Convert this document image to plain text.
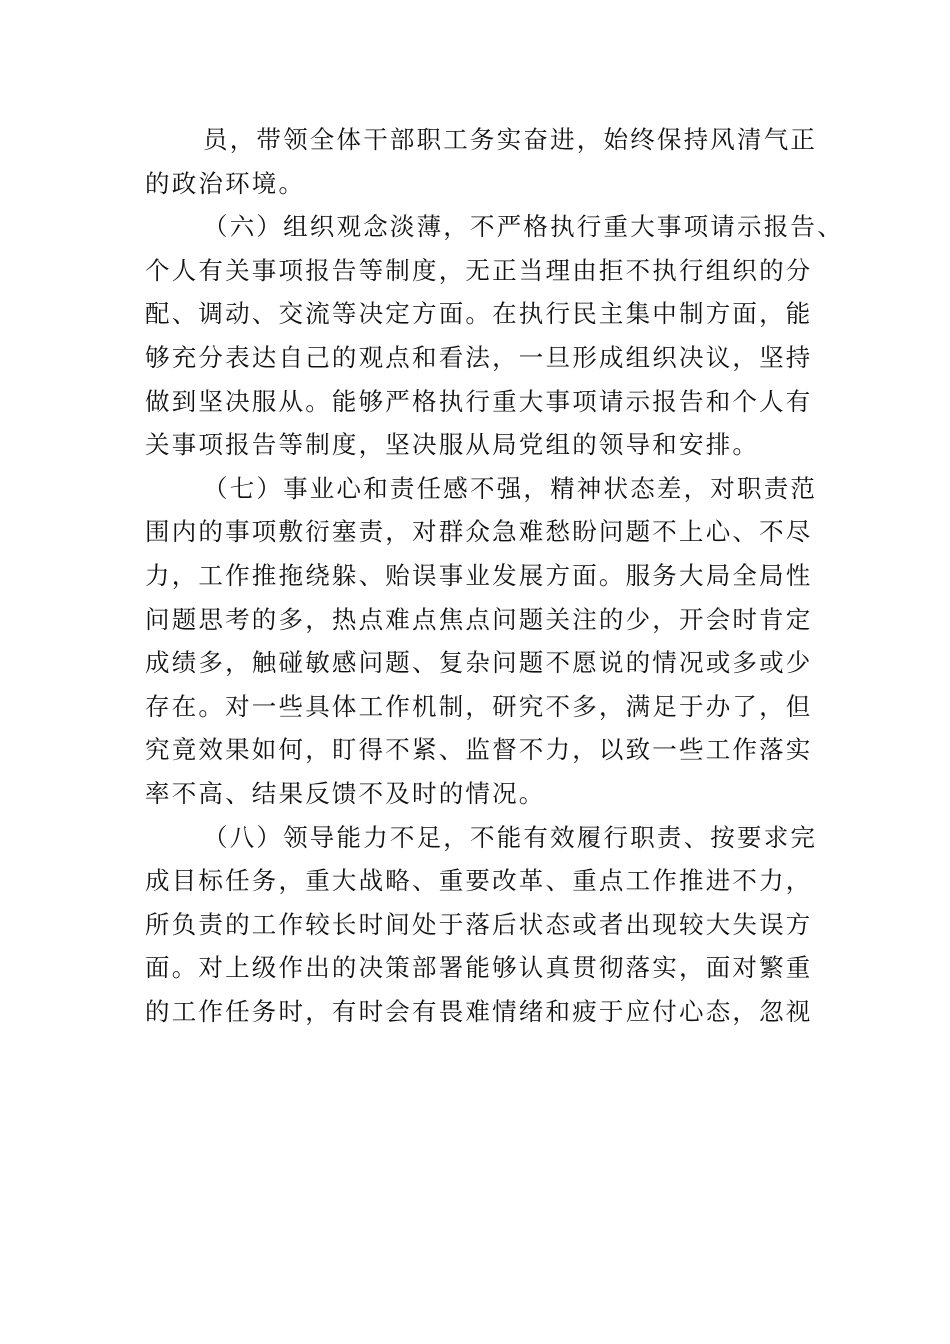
员，带领全体干部职工务实奋进，始终保持风清气正
的政治环境。
（六）组织观念淡薄，不严格执行重大事项请示报告、
个人有关事项报告等制度，无正当理由拒不执行组织的分
配、调动、交流等决定方面。在执行民主集中制方面，能
够充分表达自己的观点和看法，一旦形成组织决议，坚持
做到坚决服从。能够严格执行重大事项请示报告和个人有
关事项报告等制度，坚决服从局党组的领导和安排。
（七）事业心和责任感不强，精神状态差，对职责范
围内的事项敷衍塞责，对群众急难愁盼问题不上心、不尽
力，工作推拖绕躲、贻误事业发展方面。服务大局全局性
问题思考的多，热点难点焦点问题关注的少，开会时肯定
成绩多，触碰敏感问题、复杂问题不愿说的情况或多或少
存在。对一些具体工作机制，研究不多，满足于办了，但
究竟效果如何，盯得不紧、监督不力，以致一些工作落实
率不高、结果反馈不及时的情况。
（八）领导能力不足，不能有效履行职责、按要求完
成目标任务，重大战略、重要改革、重点工作推进不力，
所负责的工作较长时间处于落后状态或者出现较大失误方
面。对上级作出的决策部署能够认真贯彻落实，面对繁重
的工作任务时，有时会有畏难情绪和疲于应付心态，忽视
